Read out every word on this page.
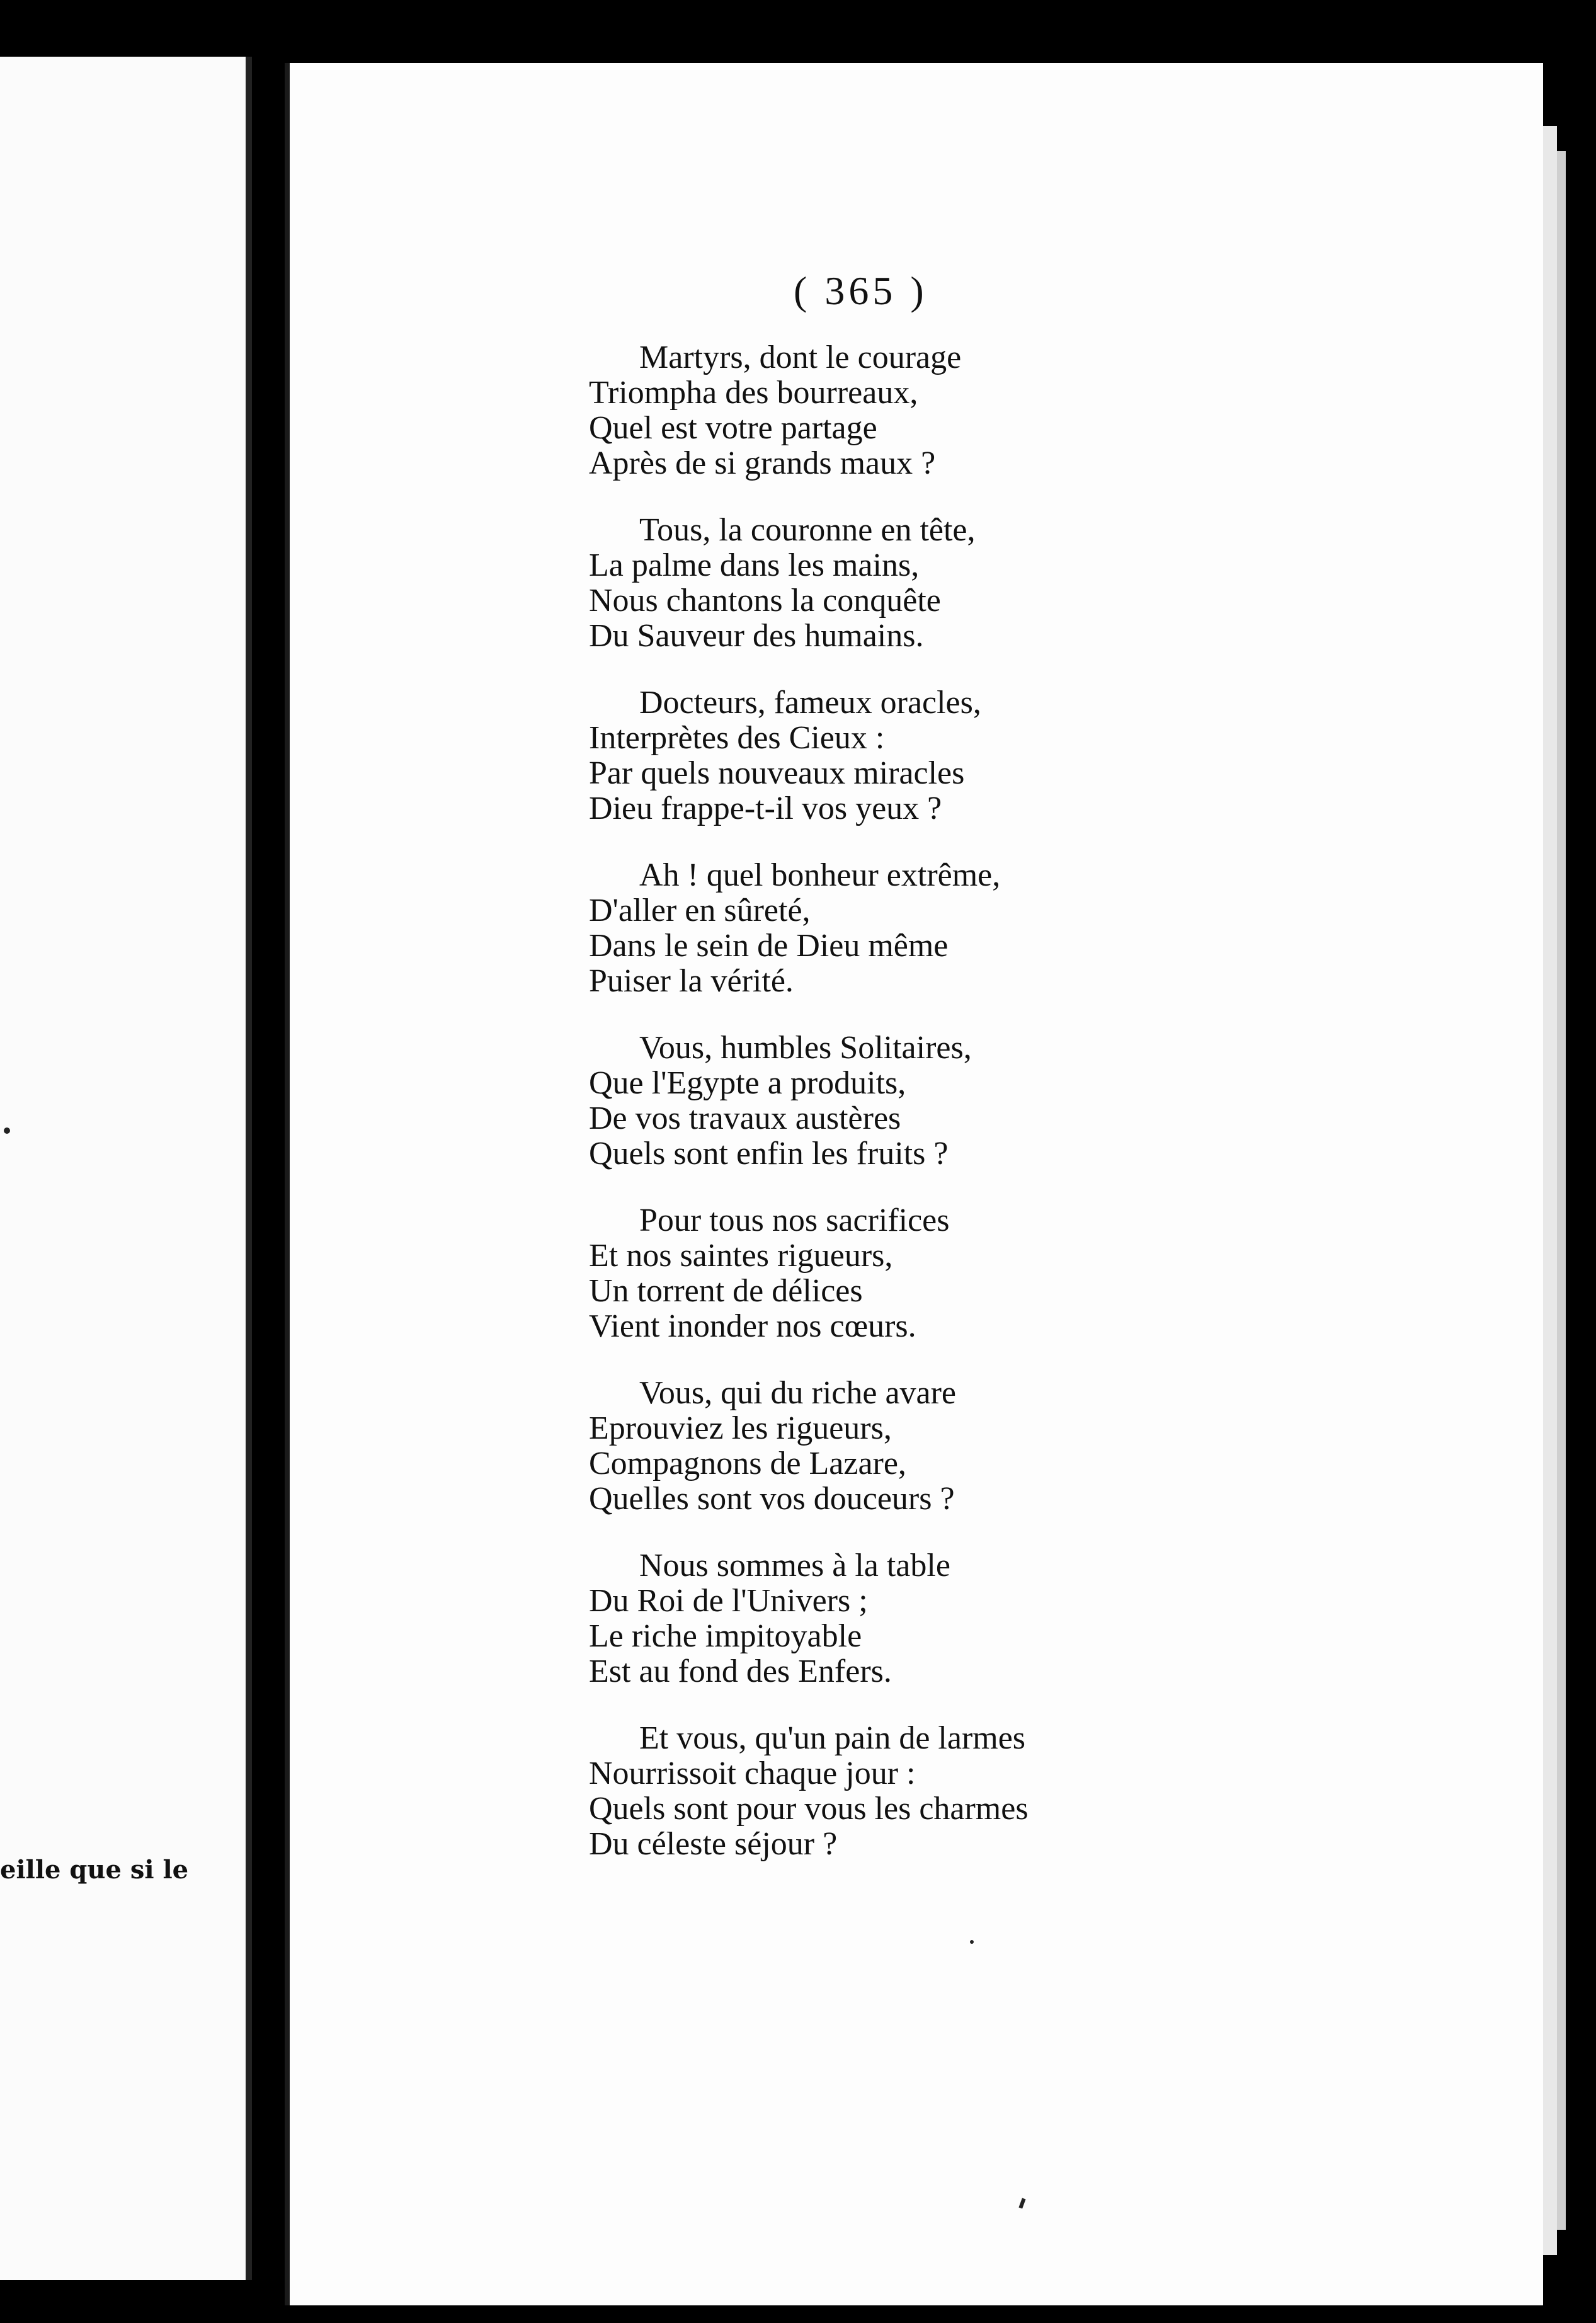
eille que si le
( 365 )
Martyrs, dont le courage
Triompha des bourreaux,
Quel est votre partage
Après de si grands maux ?
Tous, la couronne en tête,
La palme dans les mains,
Nous chantons la conquête
Du Sauveur des humains.
Docteurs, fameux oracles,
Interprètes des Cieux :
Par quels nouveaux miracles
Dieu frappe-t-il vos yeux ?
Ah ! quel bonheur extrême,
D'aller en sûreté,
Dans le sein de Dieu même
Puiser la vérité.
Vous, humbles Solitaires,
Que l'Egypte a produits,
De vos travaux austères
Quels sont enfin les fruits ?
Pour tous nos sacrifices
Et nos saintes rigueurs,
Un torrent de délices
Vient inonder nos cœurs.
Vous, qui du riche avare
Eprouviez les rigueurs,
Compagnons de Lazare,
Quelles sont vos douceurs ?
Nous sommes à la table
Du Roi de l'Univers ;
Le riche impitoyable
Est au fond des Enfers.
Et vous, qu'un pain de larmes
Nourrissoit chaque jour :
Quels sont pour vous les charmes
Du céleste séjour ?
